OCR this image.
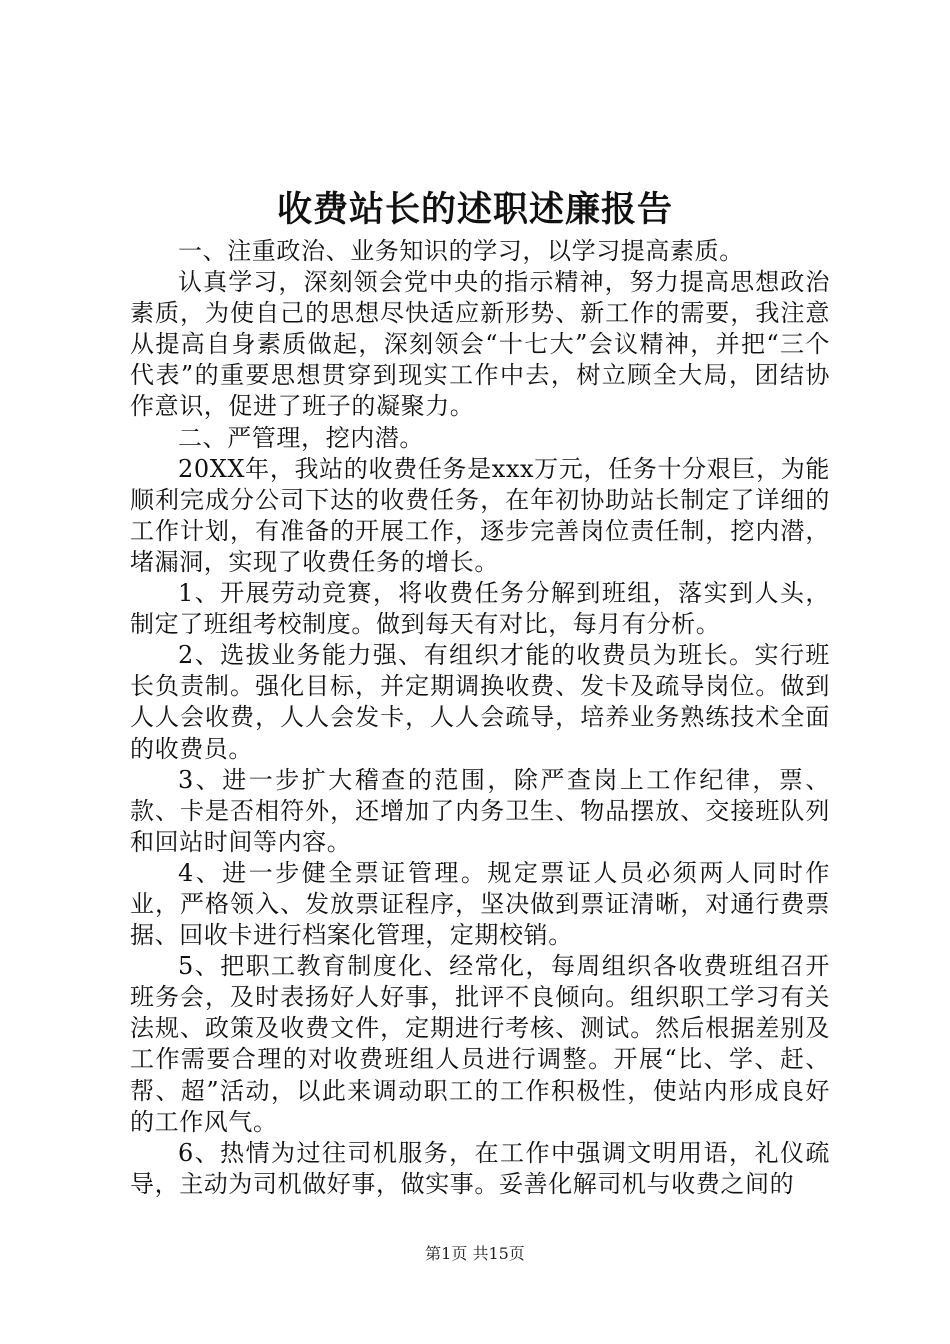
收费站长的述职述廉报告

一、注重政治、业务知识的学习，以学习提高素质。

认真学习，深刻领会党中央的指示精神，努力提高思想政治素质，为使自己的思想尽快适应新形势、新工作的需要，我注意从提高自身素质做起，深刻领会“十七大”会议精神，并把“三个代表”的重要思想贯穿到现实工作中去，树立顾全大局，团结协作意识，促进了班子的凝聚力。

二、严管理，挖内潜。

20XX年，我站的收费任务是xxx万元，任务十分艰巨，为能顺利完成分公司下达的收费任务，在年初协助站长制定了详细的工作计划，有准备的开展工作，逐步完善岗位责任制，挖内潜，堵漏洞，实现了收费任务的增长。

1、开展劳动竞赛，将收费任务分解到班组，落实到人头，制定了班组考校制度。做到每天有对比，每月有分析。

2、选拔业务能力强、有组织才能的收费员为班长。实行班长负责制。强化目标，并定期调换收费、发卡及疏导岗位。做到人人会收费，人人会发卡，人人会疏导，培养业务熟练技术全面的收费员。

3、进一步扩大稽查的范围，除严查岗上工作纪律，票、款、卡是否相符外，还增加了内务卫生、物品摆放、交接班队列和回站时间等内容。

4、进一步健全票证管理。规定票证人员必须两人同时作业，严格领入、发放票证程序，坚决做到票证清晰，对通行费票据、回收卡进行档案化管理，定期校销。

5、把职工教育制度化、经常化，每周组织各收费班组召开班务会，及时表扬好人好事，批评不良倾向。组织职工学习有关法规、政策及收费文件，定期进行考核、测试。然后根据差别及工作需要合理的对收费班组人员进行调整。开展“比、学、赶、帮、超”活动，以此来调动职工的工作积极性，使站内形成良好的工作风气。

6、热情为过往司机服务，在工作中强调文明用语，礼仪疏导，主动为司机做好事，做实事。妥善化解司机与收费之间的

第1页 共15页
